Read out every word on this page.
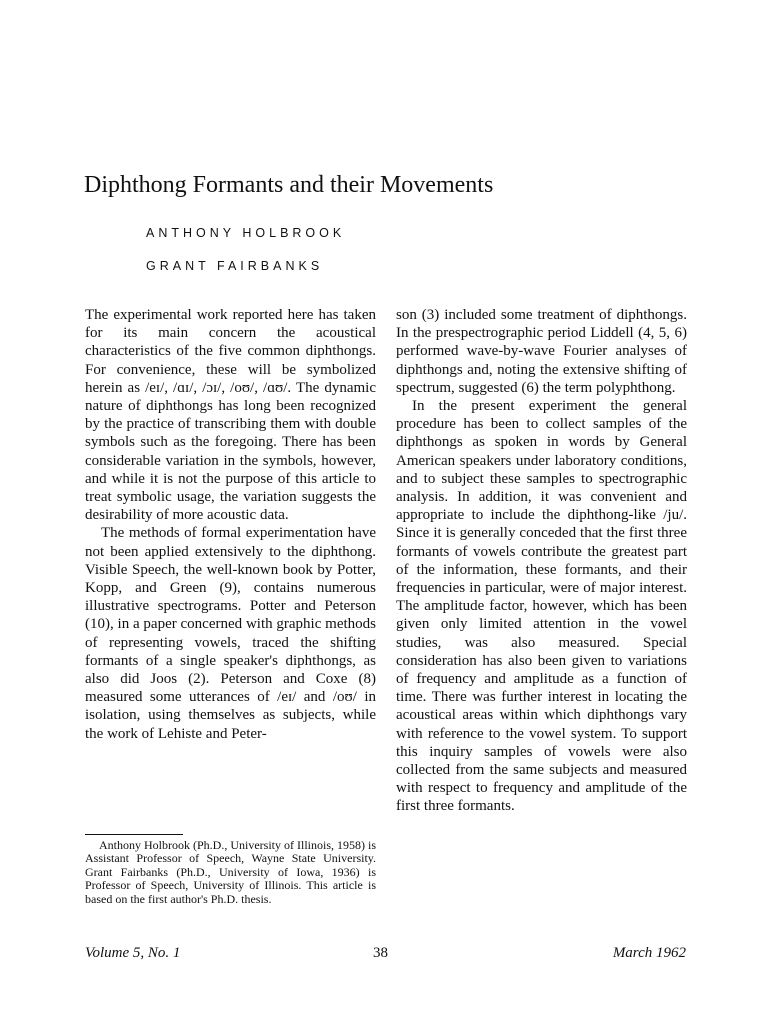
Diphthong Formants and their Movements
ANTHONY HOLBROOK
GRANT FAIRBANKS

The experimental work reported here has taken for its main concern the acoustical characteristics of the five common diphthongs. For convenience, these will be symbolized herein as /eɪ/, /ɑɪ/, /ɔɪ/, /oʊ/, /ɑʊ/. The dynamic nature of diphthongs has long been recognized by the practice of transcribing them with double symbols such as the foregoing. There has been considerable variation in the symbols, however, and while it is not the purpose of this article to treat symbolic usage, the variation suggests the desirability of more acoustic data.

The methods of formal experimentation have not been applied extensively to the diphthong. Visible Speech, the well-known book by Potter, Kopp, and Green (9), contains numerous illustrative spectrograms. Potter and Peterson (10), in a paper concerned with graphic methods of representing vowels, traced the shifting formants of a single speaker's diphthongs, as also did Joos (2). Peterson and Coxe (8) measured some utterances of /eɪ/ and /oʊ/ in isolation, using themselves as subjects, while the work of Lehiste and Peter-

Anthony Holbrook (Ph.D., University of Illinois, 1958) is Assistant Professor of Speech, Wayne State University. Grant Fairbanks (Ph.D., University of Iowa, 1936) is Professor of Speech, University of Illinois. This article is based on the first author's Ph.D. thesis.

son (3) included some treatment of diphthongs. In the prespectrographic period Liddell (4, 5, 6) performed wave-by-wave Fourier analyses of diphthongs and, noting the extensive shifting of spectrum, suggested (6) the term polyphthong.

In the present experiment the general procedure has been to collect samples of the diphthongs as spoken in words by General American speakers under laboratory conditions, and to subject these samples to spectrographic analysis. In addition, it was convenient and appropriate to include the diphthong-like /ju/. Since it is generally conceded that the first three formants of vowels contribute the greatest part of the information, these formants, and their frequencies in particular, were of major interest. The amplitude factor, however, which has been given only limited attention in the vowel studies, was also measured. Special consideration has also been given to variations of frequency and amplitude as a function of time. There was further interest in locating the acoustical areas within which diphthongs vary with reference to the vowel system. To support this inquiry samples of vowels were also collected from the same subjects and measured with respect to frequency and amplitude of the first three formants.

Volume 5, No. 1	38	March 1962
